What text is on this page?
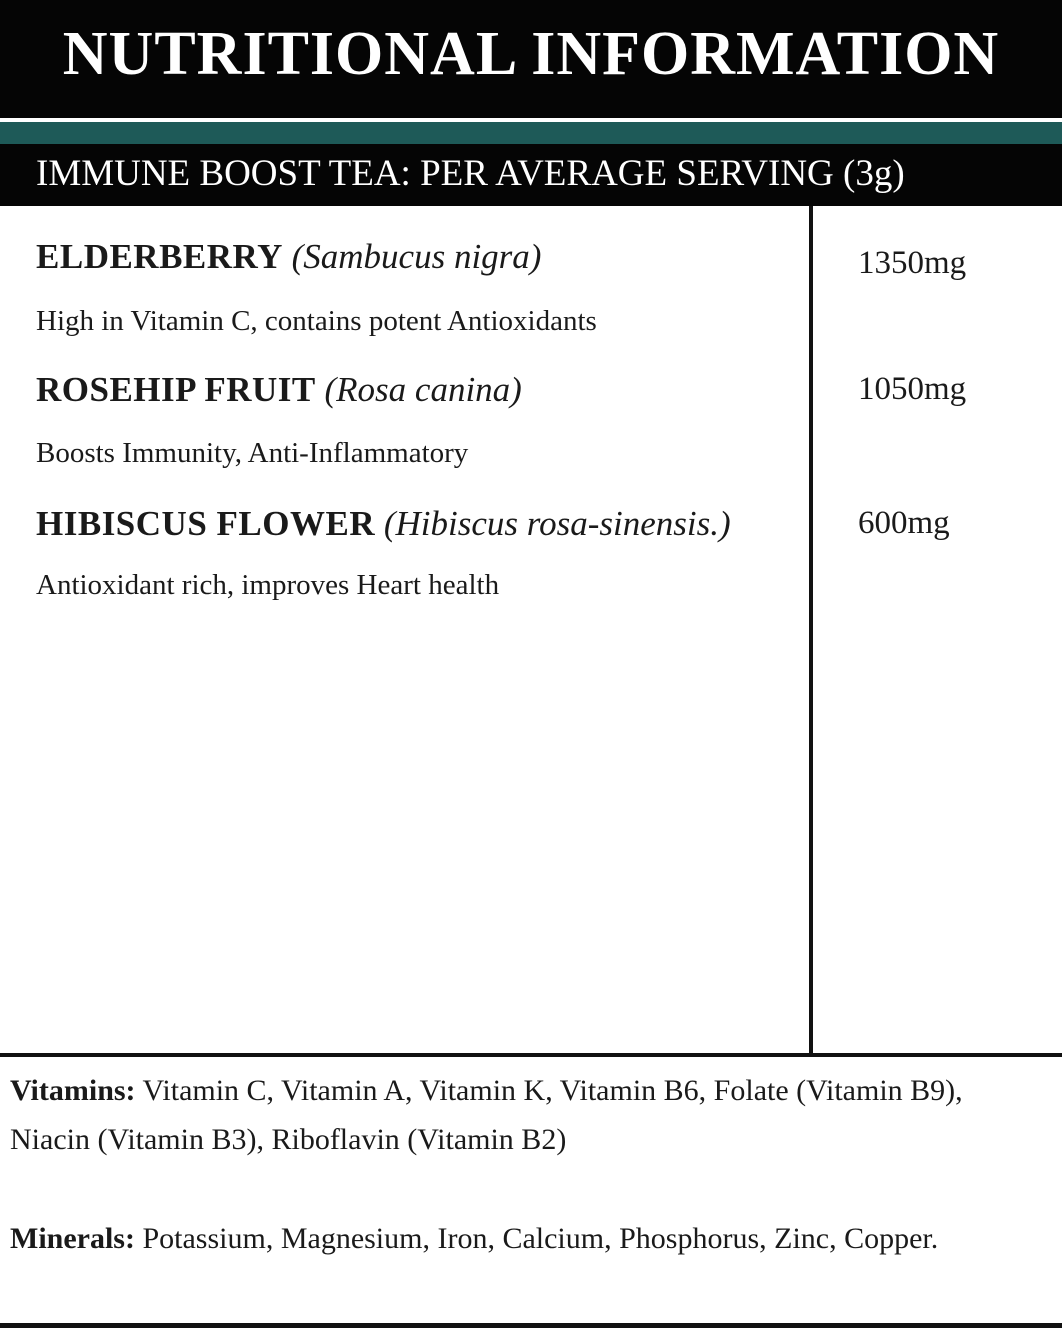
NUTRITIONAL INFORMATION
IMMUNE BOOST TEA: PER AVERAGE SERVING (3g)
ELDERBERRY (Sambucus nigra)
High in Vitamin C, contains potent Antioxidants
1350mg
ROSEHIP FRUIT (Rosa canina)
Boosts Immunity, Anti-Inflammatory
1050mg
HIBISCUS FLOWER (Hibiscus rosa-sinensis.)
Antioxidant rich, improves Heart health
600mg
Vitamins: Vitamin C, Vitamin A, Vitamin K, Vitamin B6, Folate (Vitamin B9), Niacin (Vitamin B3), Riboflavin (Vitamin B2)
Minerals: Potassium, Magnesium, Iron, Calcium, Phosphorus, Zinc, Copper.
